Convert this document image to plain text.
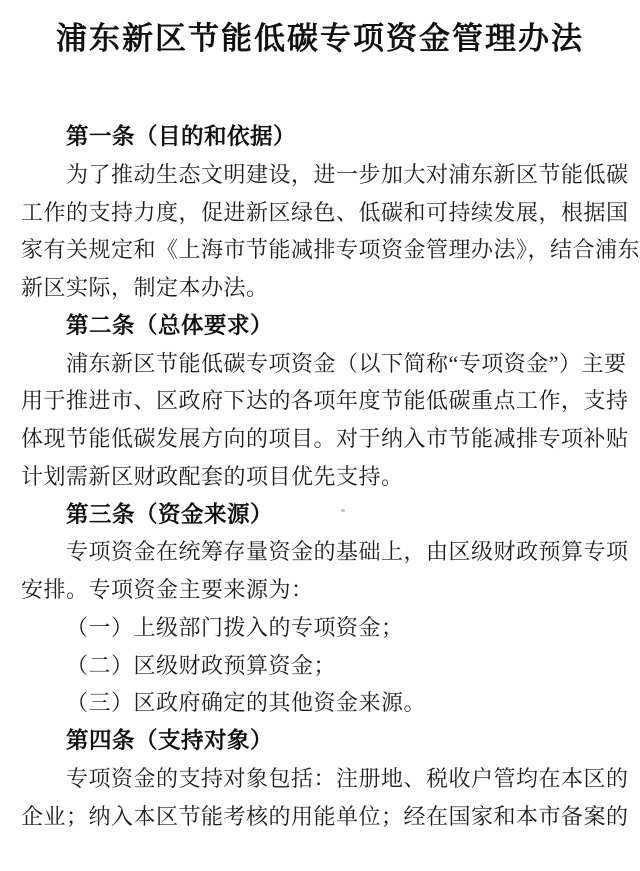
浦东新区节能低碳专项资金管理办法
第一条（目的和依据）
为了推动生态文明建设，进一步加大对浦东新区节能低碳
工作的支持力度，促进新区绿色、低碳和可持续发展，根据国
家有关规定和《上海市节能减排专项资金管理办法》，结合浦东
新区实际，制定本办法。
第二条（总体要求）
浦东新区节能低碳专项资金（以下简称“专项资金”）主要
用于推进市、区政府下达的各项年度节能低碳重点工作，支持
体现节能低碳发展方向的项目。对于纳入市节能减排专项补贴
计划需新区财政配套的项目优先支持。
第三条（资金来源）
专项资金在统筹存量资金的基础上，由区级财政预算专项
安排。专项资金主要来源为：
（一）上级部门拨入的专项资金；
（二）区级财政预算资金；
（三）区政府确定的其他资金来源。
第四条（支持对象）
专项资金的支持对象包括：注册地、税收户管均在本区的
企业；纳入本区节能考核的用能单位；经在国家和本市备案的
